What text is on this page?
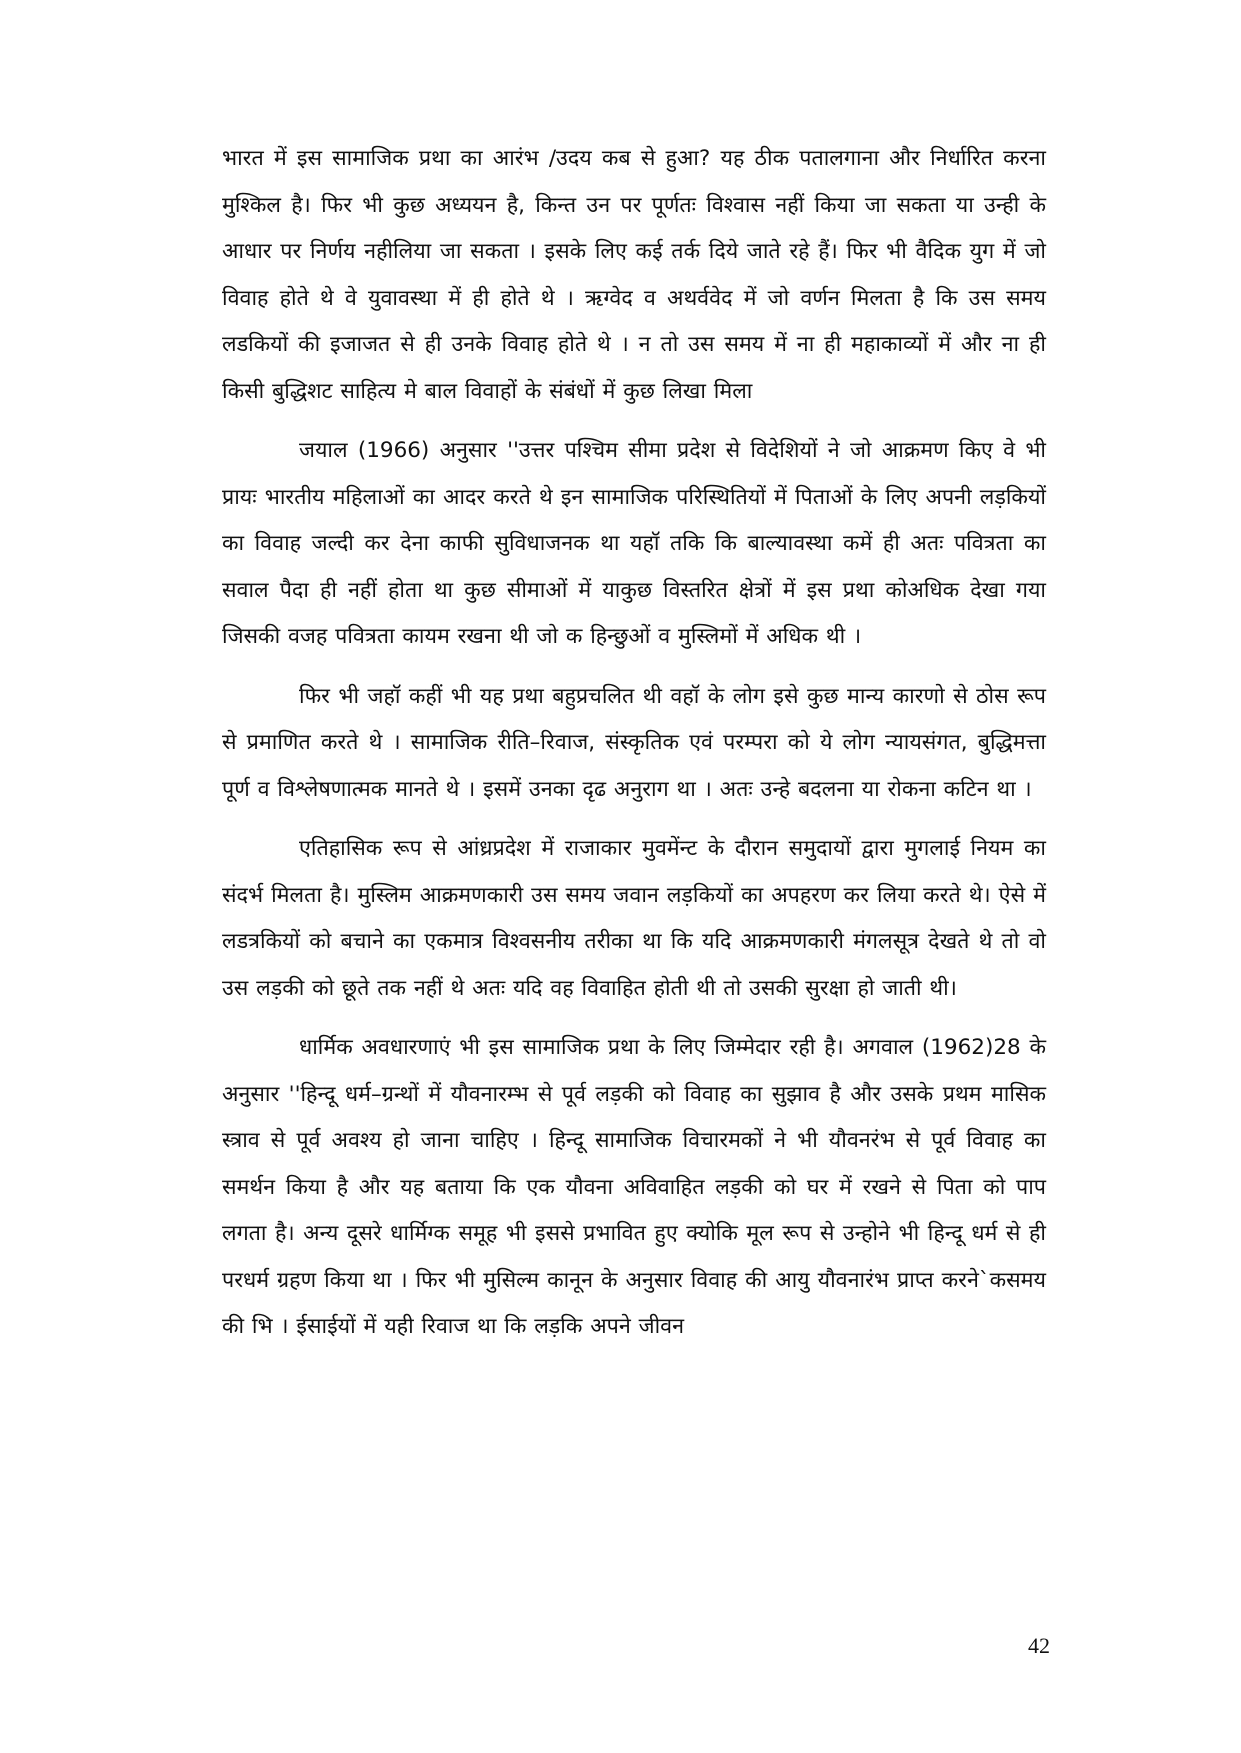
भारत में इस सामाजिक प्रथा का आरंभ /उदय कब से हुआ? यह ठीक पतालगाना और निर्धारित करना मुश्किल है। फिर भी कुछ अध्ययन है, किन्त उन पर पूर्णतः विश्वास नहीं किया जा सकता या उन्ही के आधार पर निर्णय नहीलिया जा सकता । इसके लिए कई तर्क दिये जाते रहे हैं। फिर भी वैदिक युग में जो विवाह होते थे वे युवावस्था में ही होते थे । ऋग्वेद व अथर्ववेद में जो वर्णन मिलता है कि उस समय लडकियों की इजाजत से ही उनके विवाह होते थे । न तो उस समय में ना ही महाकाव्यों में और ना ही किसी बुद्धिशट साहित्य मे बाल विवाहों के संबंधों में कुछ लिखा मिला

जयाल (1966) अनुसार ''उत्तर पश्चिम सीमा प्रदेश से विदेशियों ने जो आक्रमण किए वे भी प्रायः भारतीय महिलाओं का आदर करते थे इन सामाजिक परिस्थितियों में पिताओं के लिए अपनी लड़कियों का विवाह जल्दी कर देना काफी सुविधाजनक था यहॉ तकि कि बाल्यावस्था कमें ही अतः पवित्रता का सवाल पैदा ही नहीं होता था कुछ सीमाओं में याकुछ विस्तरित क्षेत्रों में इस प्रथा कोअधिक देखा गया जिसकी वजह पवित्रता कायम रखना थी जो क हिन्छुओं व मुस्लिमों में अधिक थी ।

फिर भी जहॉ कहीं भी यह प्रथा बहुप्रचलित थी वहॉ के लोग इसे कुछ मान्य कारणो से ठोस रूप से प्रमाणित करते थे । सामाजिक रीति–रिवाज, संस्कृतिक एवं परम्परा को ये लोग न्यायसंगत, बुद्धिमत्ता पूर्ण व विश्लेषणात्मक मानते थे । इसमें उनका दृढ अनुराग था । अतः उन्हे बदलना या रोकना कटिन था ।

एतिहासिक रूप से आंध्रप्रदेश में राजाकार मुवमेंन्ट के दौरान समुदायों द्वारा मुगलाई नियम का संदर्भ मिलता है। मुस्लिम आक्रमणकारी उस समय जवान लड़कियों का अपहरण कर लिया करते थे। ऐसे में लडत्रकियों को बचाने का एकमात्र विश्वसनीय तरीका था कि यदि आक्रमणकारी मंगलसूत्र देखते थे तो वो उस लड़की को छूते तक नहीं थे अतः यदि वह विवाहित होती थी तो उसकी सुरक्षा हो जाती थी।

धार्मिक अवधारणाएं भी इस सामाजिक प्रथा के लिए जिम्मेदार रही है। अगवाल (1962)28 के अनुसार ''हिन्दू धर्म–ग्रन्थों में यौवनारम्भ से पूर्व लड़की को विवाह का सुझाव है और उसके प्रथम मासिक स्त्राव से पूर्व अवश्य हो जाना चाहिए । हिन्दू सामाजिक विचारमकों ने भी यौवनरंभ से पूर्व विवाह का समर्थन किया है और यह बताया कि एक यौवना अविवाहित लड़की को घर में रखने से पिता को पाप लगता है। अन्य दूसरे धार्मिग्क समूह भी इससे प्रभावित हुए क्योकि मूल रूप से उन्होने भी हिन्दू धर्म से ही परधर्म ग्रहण किया था । फिर भी मुसिल्म कानून के अनुसार विवाह की आयु यौवनारंभ प्राप्त करने`कसमय की भि । ईसाईयों में यही रिवाज था कि लड़कि अपने जीवन

42
